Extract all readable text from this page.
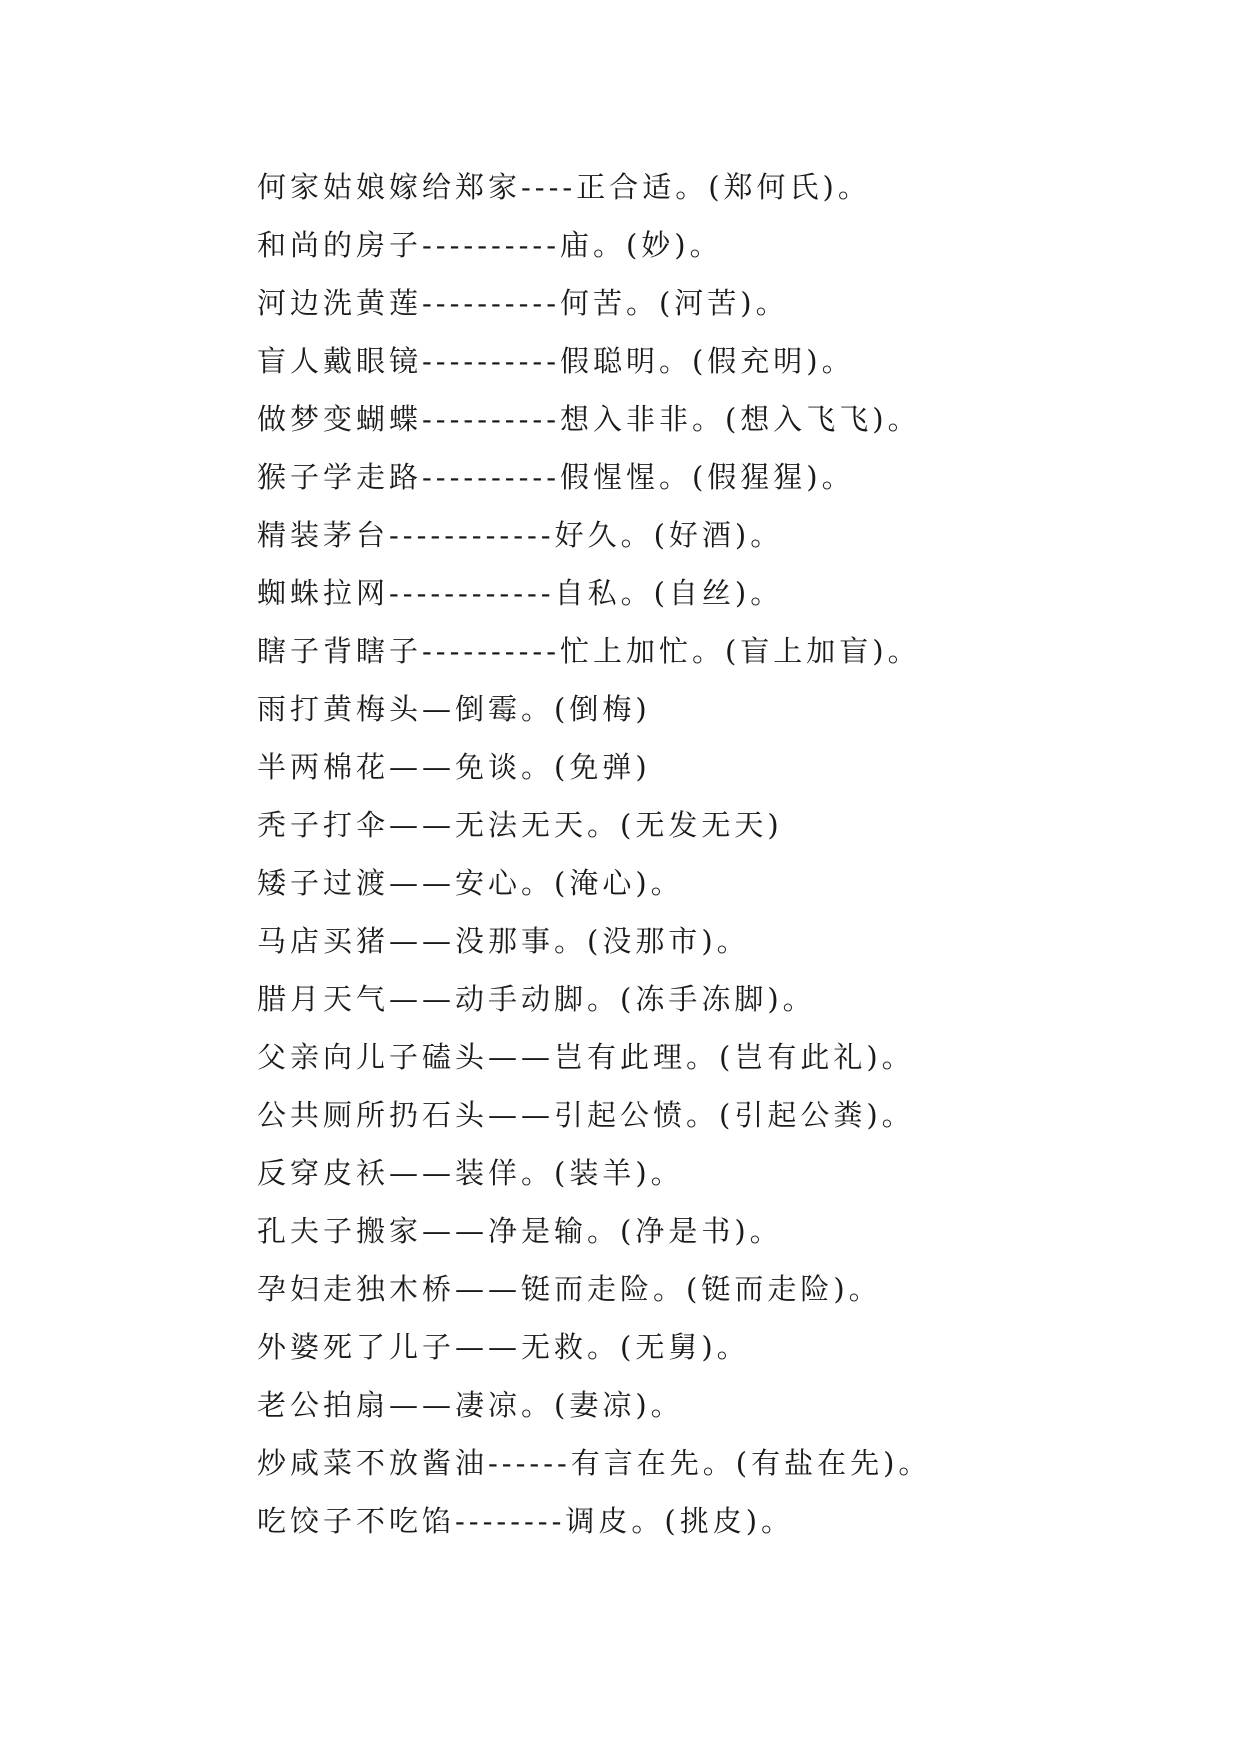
何家姑娘嫁给郑家----正合适。(郑何氏)。
和尚的房子----------庙。(妙)。
河边洗黄莲----------何苦。(河苦)。
盲人戴眼镜----------假聪明。(假充明)。
做梦变蝴蝶----------想入非非。(想入飞飞)。
猴子学走路----------假惺惺。(假猩猩)。
精装茅台------------好久。(好酒)。
蜘蛛拉网------------自私。(自丝)。
瞎子背瞎子----------忙上加忙。(盲上加盲)。
雨打黄梅头—倒霉。(倒梅)
半两棉花——免谈。(免弹)
秃子打伞——无法无天。(无发无天)
矮子过渡——安心。(淹心)。
马店买猪——没那事。(没那市)。
腊月天气——动手动脚。(冻手冻脚)。
父亲向儿子磕头——岂有此理。(岂有此礼)。
公共厕所扔石头——引起公愤。(引起公粪)。
反穿皮袄——装佯。(装羊)。
孔夫子搬家——净是输。(净是书)。
孕妇走独木桥——铤而走险。(铤而走险)。
外婆死了儿子——无救。(无舅)。
老公拍扇——凄凉。(妻凉)。
炒咸菜不放酱油------有言在先。(有盐在先)。
吃饺子不吃馅--------调皮。(挑皮)。
